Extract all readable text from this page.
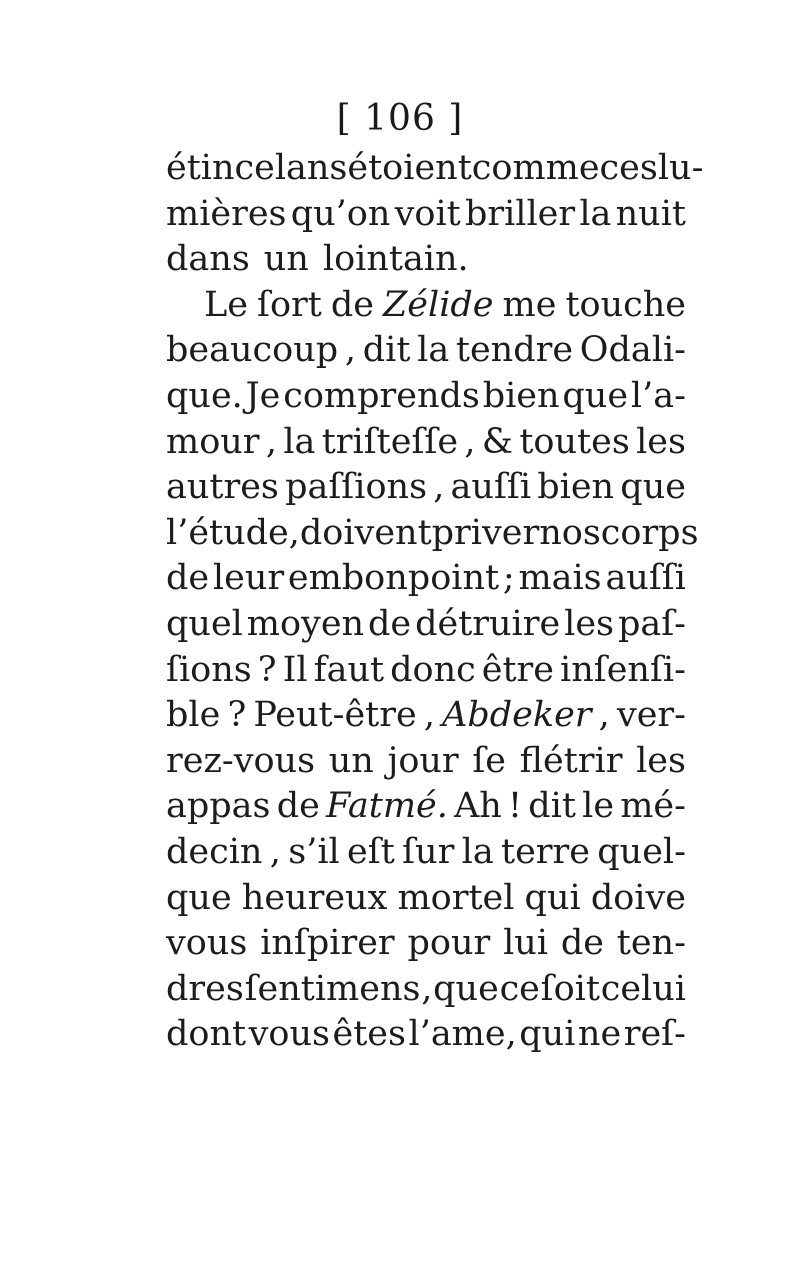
[ 106 ]
étincelans étoient comme ces lu-
mières qu’on voit briller la nuit
dans un lointain.
Le ſort de Zélide me touche
beaucoup , dit la tendre Odali-
que. Je comprends bien que l’a-
mour , la triſteſſe , & toutes les
autres paſſions , auſſi bien que
l’étude, doivent priver nos corps
de leur embonpoint ; mais auſſi
quel moyen de détruire les paſ-
ſions ? Il faut donc être inſenſi-
ble ? Peut-être , Abdeker , ver-
rez-vous un jour ſe flétrir les
appas de Fatmé. Ah ! dit le mé-
decin , s’il eſt ſur la terre quel-
que heureux mortel qui doive
vous inſpirer pour lui de ten-
dres ſentimens , que ce ſoit celui
dont vous êtes l’ame, qui ne reſ-
